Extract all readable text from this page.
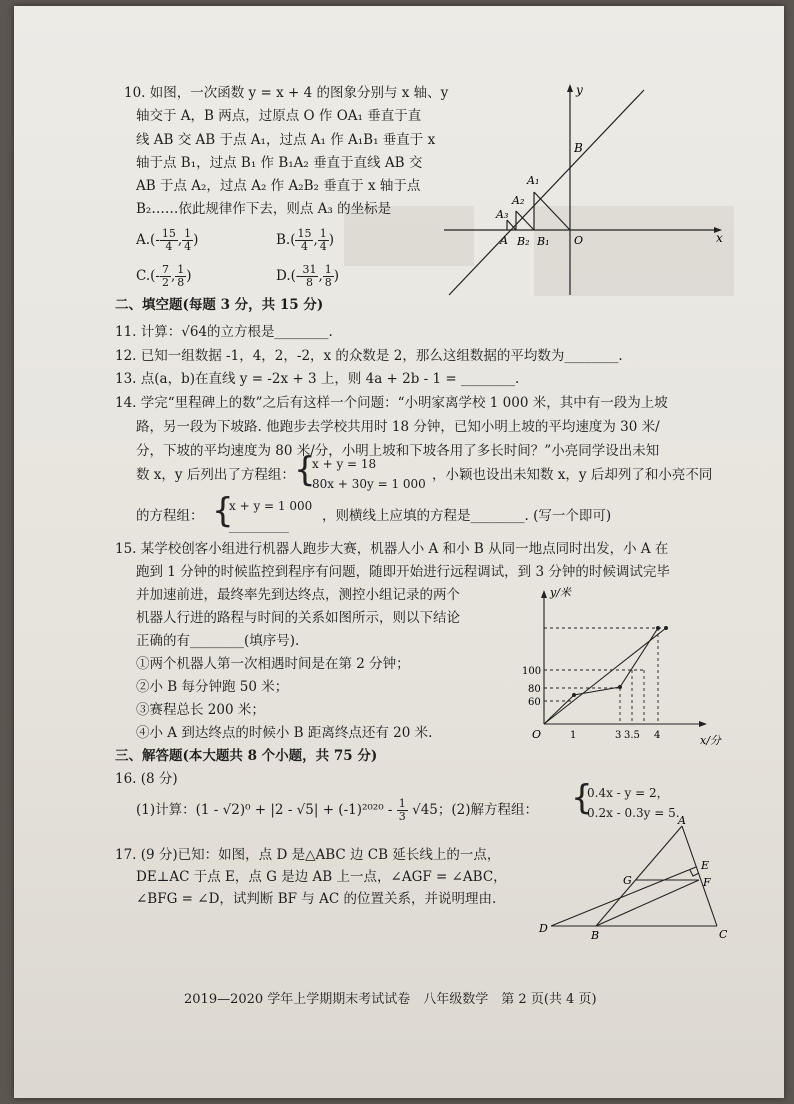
10. 如图，一次函数 y = x + 4 的图象分别与 x 轴、y
轴交于 A，B 两点，过原点 O 作 OA₁ 垂直于直
线 AB 交 AB 于点 A₁，过点 A₁ 作 A₁B₁ 垂直于 x
轴于点 B₁，过点 B₁ 作 B₁A₂ 垂直于直线 AB 交
AB 于点 A₂，过点 A₂ 作 A₂B₂ 垂直于 x 轴于点
B₂……依此规律作下去，则点 A₃ 的坐标是
$A.(- \frac{15}{4}$ , $\frac{1}{4}$ )	$B.( \frac{15}{4}$ , $\frac{1}{4}$ )
$C.(- \frac{7}{2}$ , $\frac{1}{8}$ )	$D.(- \frac{31}{8}$ , $\frac{1}{8}$ )
y
x
B
A₁
A₂
A₃
A B₂ B₁ O
二、填空题(每题 3 分，共 15 分)
11. 计算：√64的立方根是________.
12. 已知一组数据 -1，4，2，-2，x 的众数是 2，那么这组数据的平均数为________.
13. 点(a，b)在直线 y = -2x + 3 上，则 4a + 2b - 1 = ________.
14. 学完“里程碑上的数”之后有这样一个问题：“小明家离学校 1 000 米，其中有一段为上坡
路，另一段为下坡路. 他跑步去学校共用时 18 分钟，已知小明上坡的平均速度为 30 米/
分，下坡的平均速度为 80 米/分，小明上坡和下坡各用了多长时间？”小亮同学设出未知
数 x，y 后列出了方程组： {
x + y = 18
80x + 30y = 1 000
，小颖也设出未知数 x，y 后却列了和小亮不同
的方程组： {
x + y = 1 000
__________
，则横线上应填的方程是________. (写一个即可)
15. 某学校创客小组进行机器人跑步大赛，机器人小 A 和小 B 从同一地点同时出发，小 A 在
跑到 1 分钟的时候监控到程序有问题，随即开始进行远程调试，到 3 分钟的时候调试完毕
并加速前进，最终率先到达终点，测控小组记录的两个
机器人行进的路程与时间的关系如图所示，则以下结论
正确的有________(填序号).
①两个机器人第一次相遇时间是在第 2 分钟；
②小 B 每分钟跑 50 米；
③赛程总长 200 米；
④小 A 到达终点的时候小 B 距离终点还有 20 米.
y/米
x/分
O
100
80
60
1	3 3.5 4
三、解答题(本大题共 8 个小题，共 75 分)
16. (8 分)
(1)计算：$(1 - √2)^0 + |2 - √5| + (-1)^{2020} - \frac{1}{3} √45$；(2)解方程组： {
0.4x - y = 2，
0.2x - 0.3y = 5.
17. (9 分)已知：如图，点 D 是△ABC 边 CB 延长线上的一点，
DE⊥AC 于点 E，点 G 是边 AB 上一点，∠AGF = ∠ABC，
∠BFG = ∠D，试判断 BF 与 AC 的位置关系，并说明理由.
A
E
G	F
D
B	C
2019—2020 学年上学期期末考试试卷　八年级数学　第 2 页(共 4 页)
